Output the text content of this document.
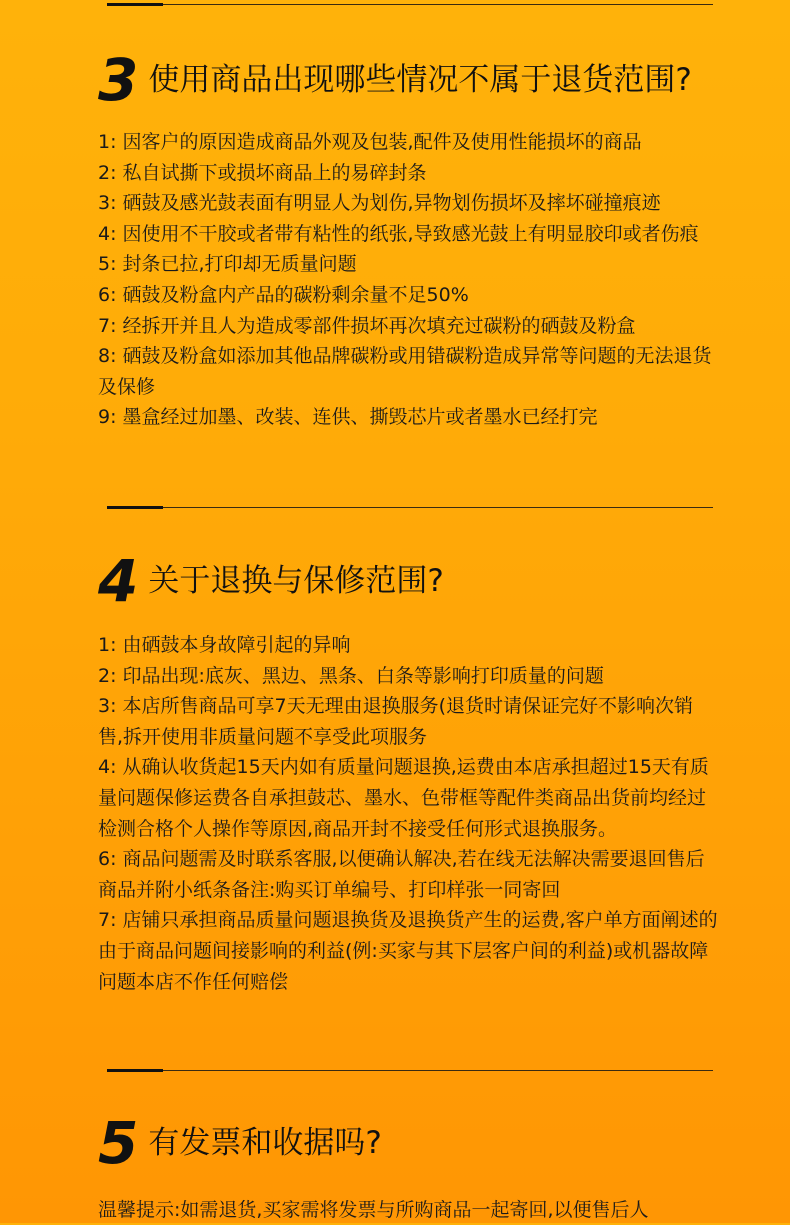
3 使用商品出现哪些情况不属于退货范围?
1: 因客户的原因造成商品外观及包装,配件及使用性能损坏的商品
2: 私自试撕下或损坏商品上的易碎封条
3: 硒鼓及感光鼓表面有明显人为划伤,异物划伤损坏及摔坏碰撞痕迹
4: 因使用不干胶或者带有粘性的纸张,导致感光鼓上有明显胶印或者伤痕
5: 封条已拉,打印却无质量问题
6: 硒鼓及粉盒内产品的碳粉剩余量不足50%
7: 经拆开并且人为造成零部件损坏再次填充过碳粉的硒鼓及粉盒
8: 硒鼓及粉盒如添加其他品牌碳粉或用错碳粉造成异常等问题的无法退货及保修
9: 墨盒经过加墨、改装、连供、撕毁芯片或者墨水已经打完
4 关于退换与保修范围?
1: 由硒鼓本身故障引起的异响
2: 印品出现:底灰、黑边、黑条、白条等影响打印质量的问题
3: 本店所售商品可享7天无理由退换服务(退货时请保证完好不影响次销售,拆开使用非质量问题不享受此项服务
4: 从确认收货起15天内如有质量问题退换,运费由本店承担超过15天有质量问题保修运费各自承担鼓芯、墨水、色带框等配件类商品出货前均经过检测合格个人操作等原因,商品开封不接受任何形式退换服务。
6: 商品问题需及时联系客服,以便确认解决,若在线无法解决需要退回售后商品并附小纸条备注:购买订单编号、打印样张一同寄回
7: 店铺只承担商品质量问题退换货及退换货产生的运费,客户单方面阐述的由于商品问题间接影响的利益(例:买家与其下层客户间的利益)或机器故障问题本店不作任何赔偿
5 有发票和收据吗?
温馨提示:如需退货,买家需将发票与所购商品一起寄回,以便售后人
